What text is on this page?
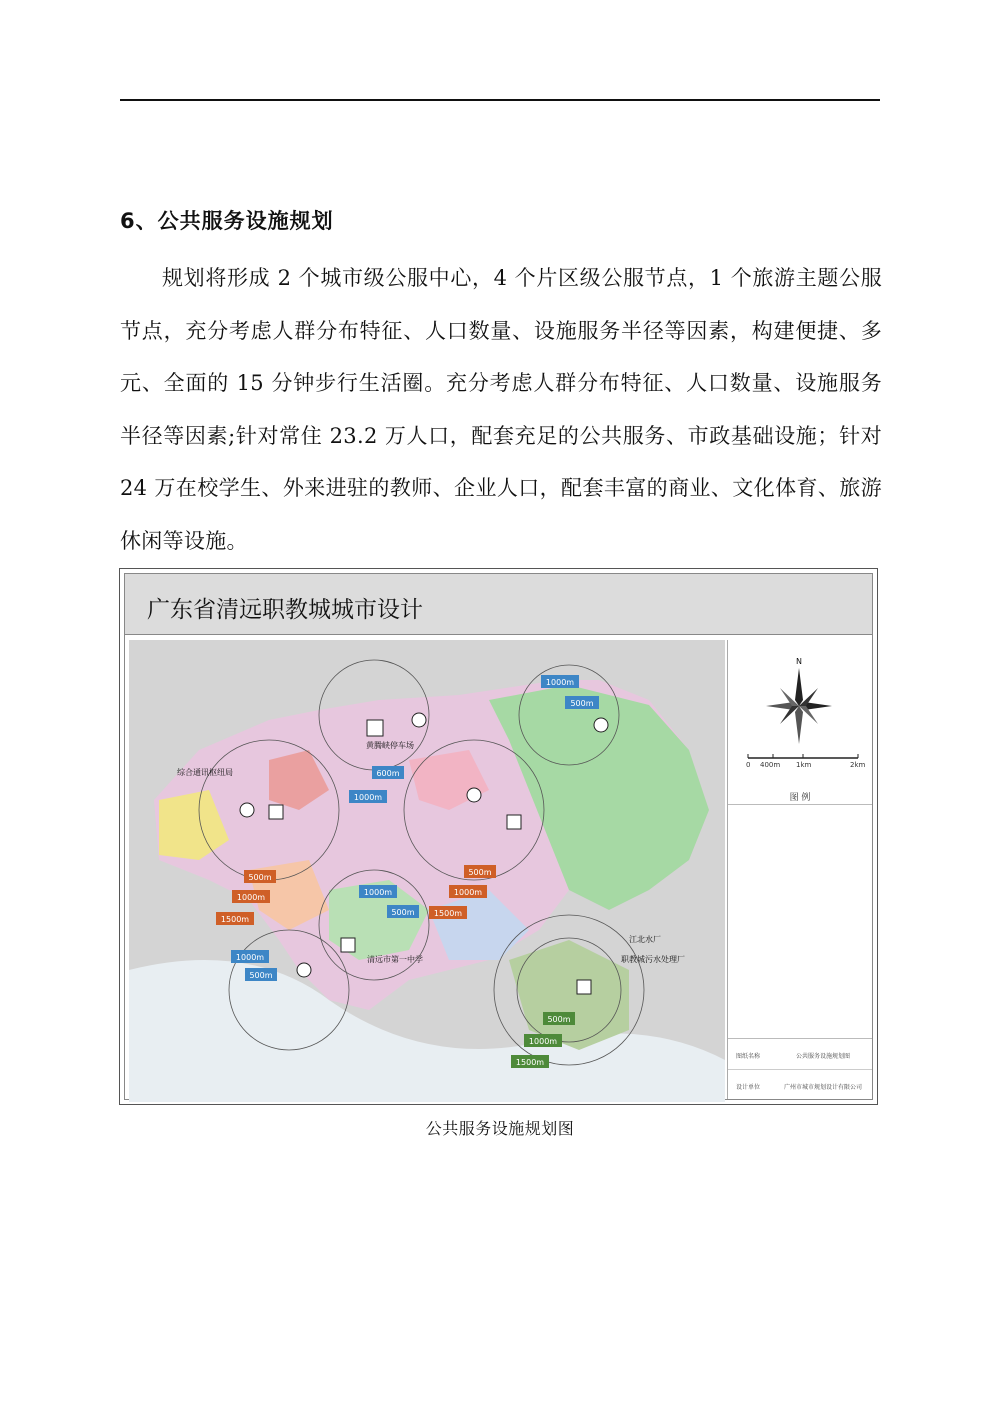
6、公共服务设施规划
规划将形成 2 个城市级公服中心，4 个片区级公服节点，1 个旅游主题公服节点，充分考虑人群分布特征、人口数量、设施服务半径等因素，构建便捷、多元、全面的 15 分钟步行生活圈。充分考虑人群分布特征、人口数量、设施服务半径等因素;针对常住 23.2 万人口，配套充足的公共服务、市政基础设施；针对 24 万在校学生、外来进驻的教师、企业人口，配套丰富的商业、文化体育、旅游休闲等设施。
广东省清远职教城城市设计
1000m
500m
600m
1000m
500m
1000m
1500m
500m
1000m
1500m
1000m
500m
1000m
500m
500m
1000m
1500m
综合通讯枢纽局
黄腾峡停车场
清远市第一中学
江北水厂
职教城污水处理厂
N
0 400m 1km	2km
图 例
图纸名称	公共服务设施规划图
设计单位	广州市城市规划设计有限公司
公共服务设施规划图
